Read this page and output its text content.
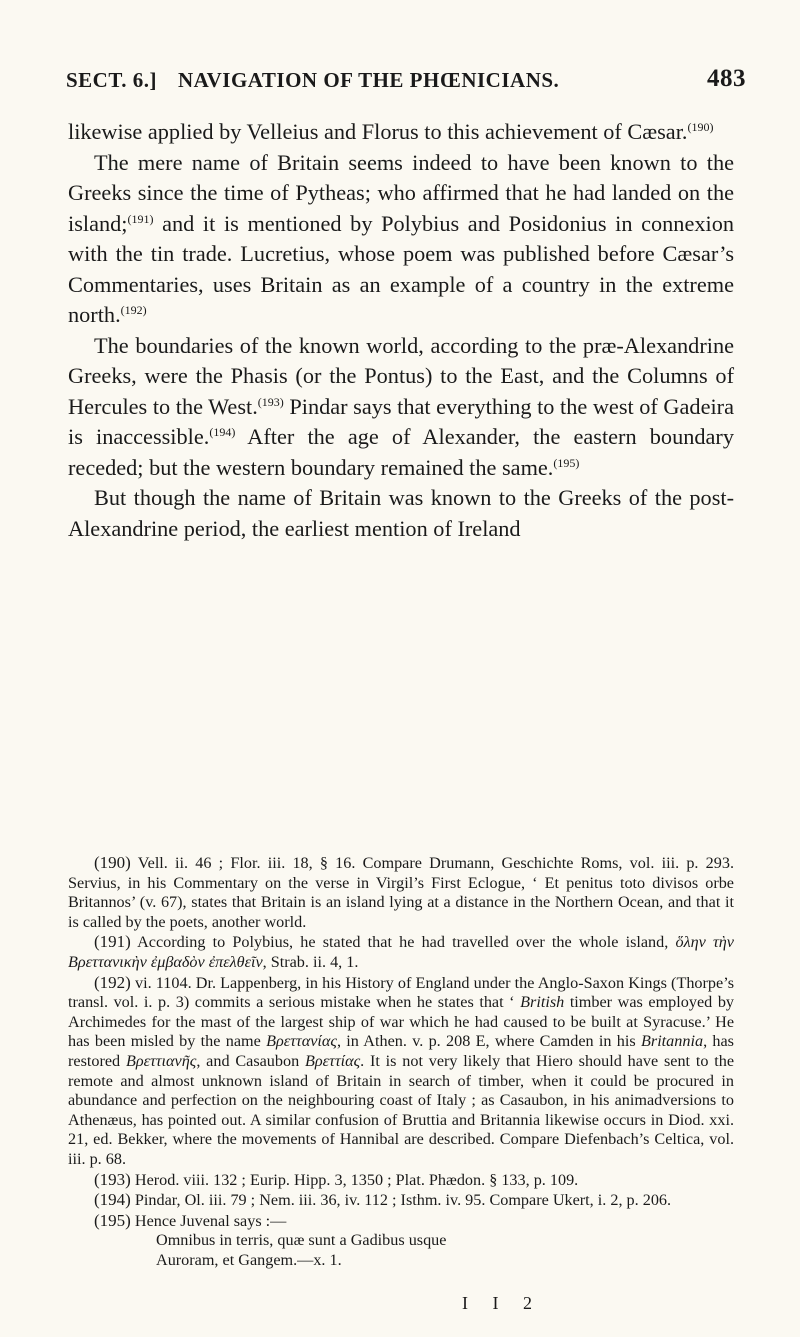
SECT. 6.] NAVIGATION OF THE PHŒNICIANS.	483

likewise applied by Velleius and Florus to this achievement of Cæsar.$^{(190)}$

The mere name of Britain seems indeed to have been known to the Greeks since the time of Pytheas; who affirmed that he had landed on the island;$^{(191)}$ and it is mentioned by Polybius and Posidonius in connexion with the tin trade. Lucretius, whose poem was published before Cæsar’s Commentaries, uses Britain as an example of a country in the extreme north.$^{(192)}$

The boundaries of the known world, according to the præ-Alexandrine Greeks, were the Phasis (or the Pontus) to the East, and the Columns of Hercules to the West.$^{(193)}$ Pindar says that everything to the west of Gadeira is inaccessible.$^{(194)}$ After the age of Alexander, the eastern boundary receded; but the western boundary remained the same.$^{(195)}$

But though the name of Britain was known to the Greeks of the post-Alexandrine period, the earliest mention of Ireland

(190) Vell. ii. 46 ; Flor. iii. 18, § 16. Compare Drumann, Geschichte Roms, vol. iii. p. 293. Servius, in his Commentary on the verse in Virgil’s First Eclogue, ‘ Et penitus toto divisos orbe Britannos’ (v. 67), states that Britain is an island lying at a distance in the Northern Ocean, and that it is called by the poets, another world.

(191) According to Polybius, he stated that he had travelled over the whole island, ὅλην τὴν Βρεττανικὴν ἐμβαδὸν ἐπελθεῖν, Strab. ii. 4, 1.

(192) vi. 1104. Dr. Lappenberg, in his History of England under the Anglo-Saxon Kings (Thorpe’s transl. vol. i. p. 3) commits a serious mistake when he states that ‘ British timber was employed by Archimedes for the mast of the largest ship of war which he had caused to be built at Syracuse.’ He has been misled by the name Βρεττανίας, in Athen. v. p. 208 E, where Camden in his Britannia, has restored Βρεττιανῆς, and Casaubon Βρεττίας. It is not very likely that Hiero should have sent to the remote and almost unknown island of Britain in search of timber, when it could be procured in abundance and perfection on the neighbouring coast of Italy ; as Casaubon, in his animadversions to Athenæus, has pointed out. A similar confusion of Bruttia and Britannia likewise occurs in Diod. xxi. 21, ed. Bekker, where the movements of Hannibal are described. Compare Diefenbach’s Celtica, vol. iii. p. 68.

(193) Herod. viii. 132 ; Eurip. Hipp. 3, 1350 ; Plat. Phædon. § 133, p. 109.

(194) Pindar, Ol. iii. 79 ; Nem. iii. 36, iv. 112 ; Isthm. iv. 95. Compare Ukert, i. 2, p. 206.

(195) Hence Juvenal says :—

Omnibus in terris, quæ sunt a Gadibus usque

Auroram, et Gangem.—x. 1.

I I 2
